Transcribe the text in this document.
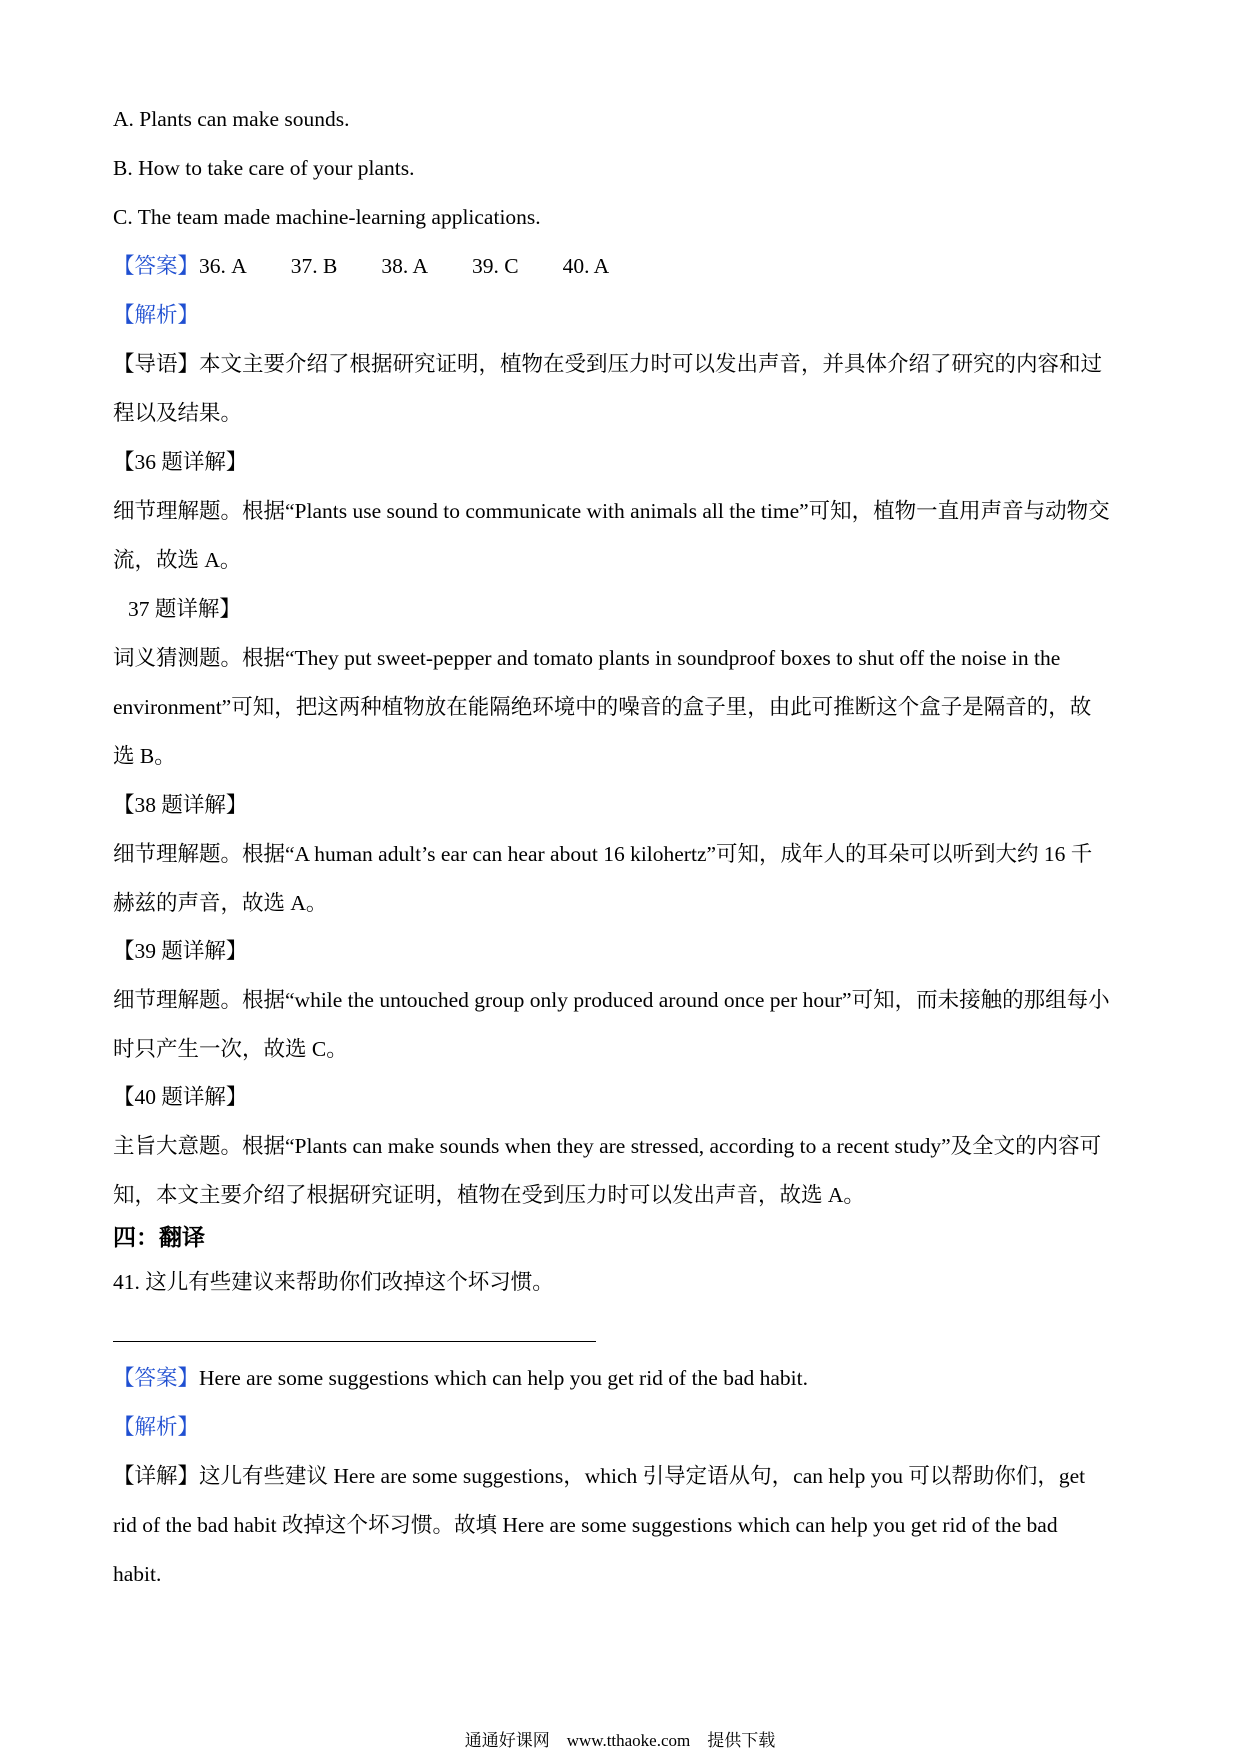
A. Plants can make sounds.
B. How to take care of your plants.
C. The team made machine-learning applications.
【答案】36. A 37. B 38. A 39. C 40. A
【解析】
【导语】本文主要介绍了根据研究证明，植物在受到压力时可以发出声音，并具体介绍了研究的内容和过
程以及结果。
【36 题详解】
细节理解题。根据“Plants use sound to communicate with animals all the time”可知，植物一直用声音与动物交
流，故选 A。
37 题详解】
词义猜测题。根据“They put sweet-pepper and tomato plants in soundproof boxes to shut off the noise in the
environment”可知，把这两种植物放在能隔绝环境中的噪音的盒子里，由此可推断这个盒子是隔音的，故
选 B。
【38 题详解】
细节理解题。根据“A human adult’s ear can hear about 16 kilohertz”可知，成年人的耳朵可以听到大约 16 千
赫兹的声音，故选 A。
【39 题详解】
细节理解题。根据“while the untouched group only produced around once per hour”可知，而未接触的那组每小
时只产生一次，故选 C。
【40 题详解】
主旨大意题。根据“Plants can make sounds when they are stressed, according to a recent study”及全文的内容可
知，本文主要介绍了根据研究证明，植物在受到压力时可以发出声音，故选 A。
四：翻译
41. 这儿有些建议来帮助你们改掉这个坏习惯。
【答案】Here are some suggestions which can help you get rid of the bad habit.
【解析】
【详解】这儿有些建议 Here are some suggestions，which 引导定语从句，can help you 可以帮助你们，get
rid of the bad habit 改掉这个坏习惯。故填 Here are some suggestions which can help you get rid of the bad
habit.
通通好课网　www.tthaoke.com　提供下载
